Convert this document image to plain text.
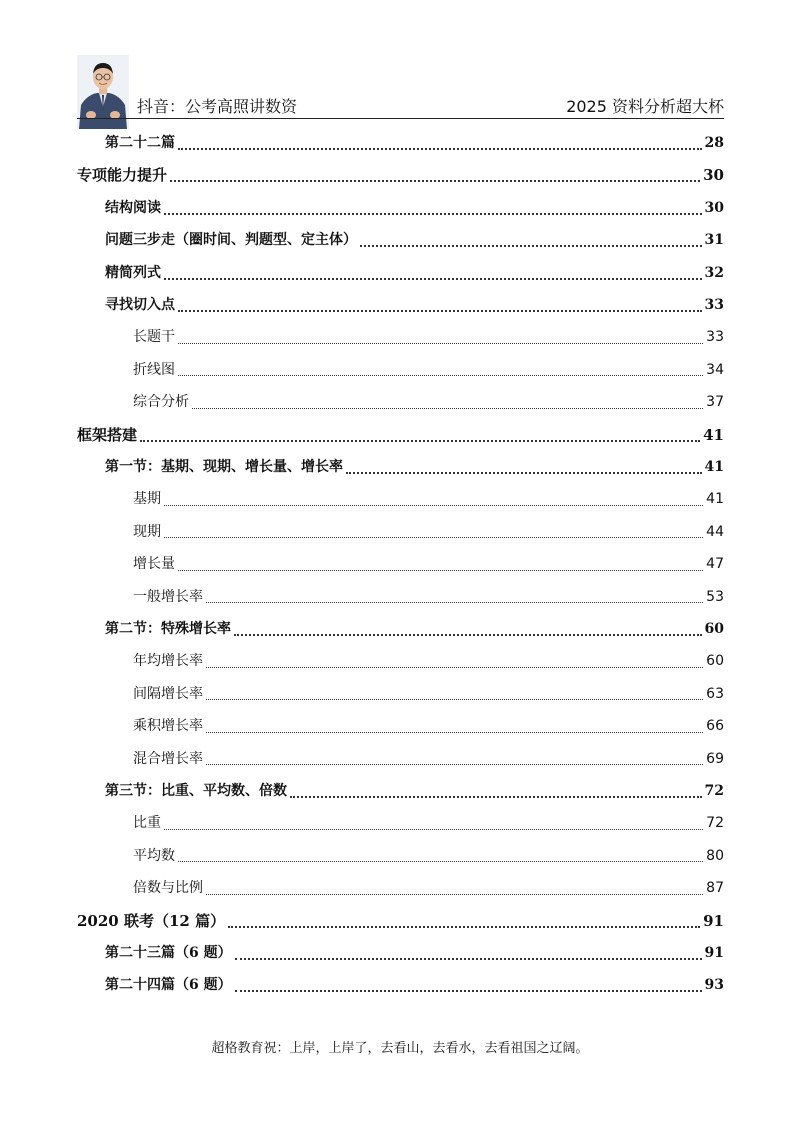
抖音：公考高照讲数资	2025 资料分析超大杯
第二十二篇	28
专项能力提升	30
结构阅读	30
问题三步走（圈时间、判题型、定主体）	31
精简列式	32
寻找切入点	33
长题干	33
折线图	34
综合分析	37
框架搭建	41
第一节：基期、现期、增长量、增长率	41
基期	41
现期	44
增长量	47
一般增长率	53
第二节：特殊增长率	60
年均增长率	60
间隔增长率	63
乘积增长率	66
混合增长率	69
第三节：比重、平均数、倍数	72
比重	72
平均数	80
倍数与比例	87
2020 联考（12 篇）	91
第二十三篇（6 题）	91
第二十四篇（6 题）	93
超格教育祝：上岸，上岸了，去看山，去看水，去看祖国之辽阔。
